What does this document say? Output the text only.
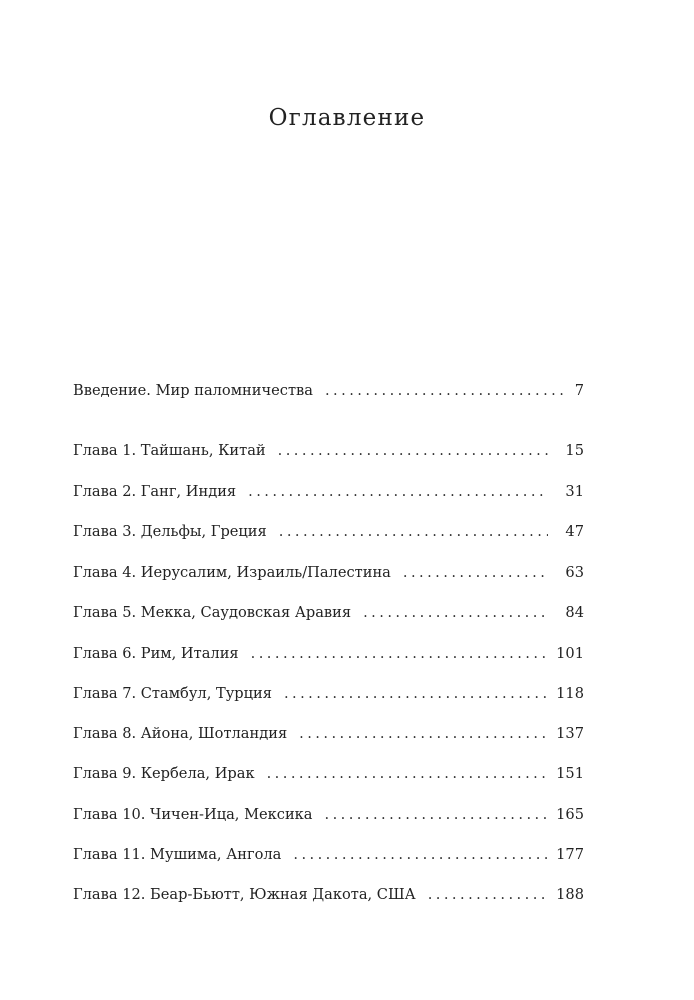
Оглавление
Введение. Мир паломничества . . .	7
Глава 1. Тайшань, Китай . . .	15
Глава 2. Ганг, Индия . . .	31
Глава 3. Дельфы, Греция . . .	47
Глава 4. Иерусалим, Израиль/Палестина . . .	63
Глава 5. Мекка, Саудовская Аравия . . .	84
Глава 6. Рим, Италия . . .	101
Глава 7. Стамбул, Турция . . .	118
Глава 8. Айона, Шотландия . . .	137
Глава 9. Кербела, Ирак . . .	151
Глава 10. Чичен-Ица, Мексика . . .	165
Глава 11. Мушима, Ангола . . .	177
Глава 12. Беар-Бьютт, Южная Дакота, США . . .	188
